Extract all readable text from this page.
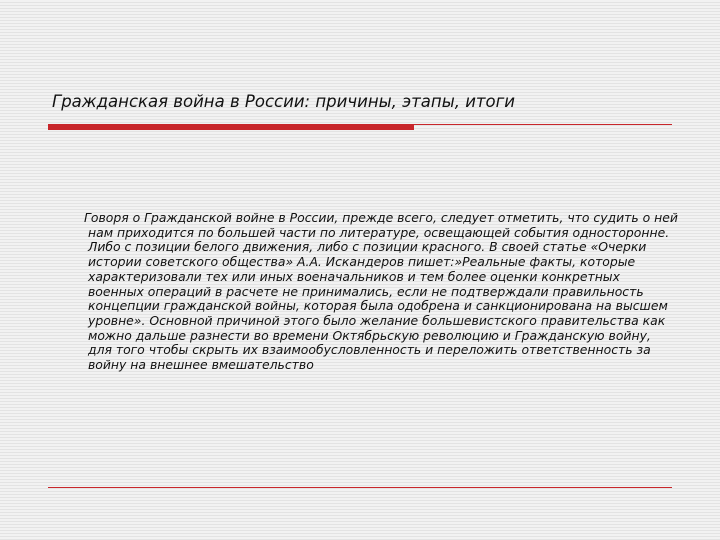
Гражданская война в России: причины, этапы, итоги

Говоря о Гражданской войне в России, прежде всего, следует отметить, что судить о ней нам приходится по большей части по литературе, освещающей события односторонне. Либо с позиции белого движения, либо с позиции красного. В своей статье «Очерки истории советского общества» А.А. Искандеров пишет:»Реальные факты, которые характеризовали тех или иных военачальников и тем более оценки конкретных военных операций в расчете не принимались, если не подтверждали правильность концепции гражданской войны, которая была одобрена и санкционирована на высшем уровне». Основной причиной этого было желание большевистского правительства как можно дальше разнести во времени Октябрьскую революцию и Гражданскую войну, для того чтобы скрыть их взаимообусловленность и переложить ответственность за войну на внешнее вмешательство
